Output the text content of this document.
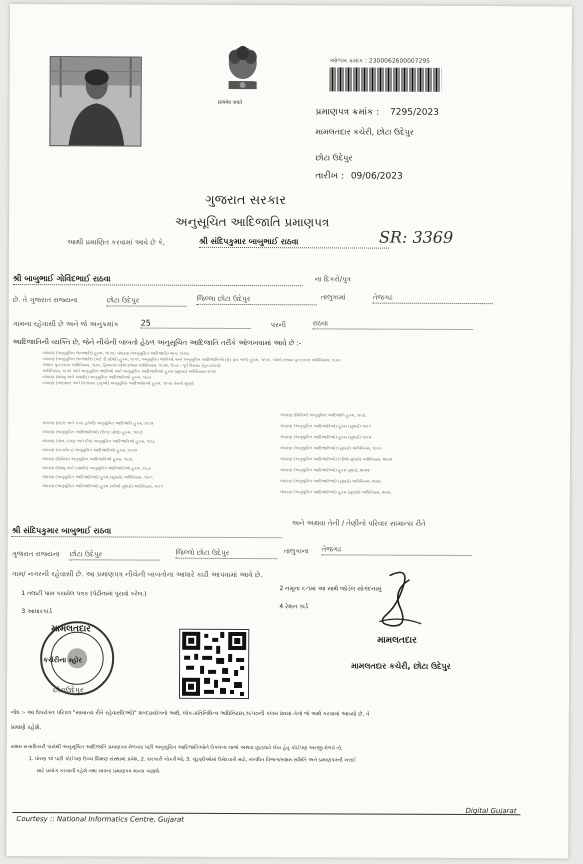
सत्यमेव जयते
ઓળખ ક્રમાંક : 2300062600007295
પ્રમાણપત્ર ક્રમાંક : 7295/2023
મામલતદાર કચેરી, છોટા ઉદેપુર
છોટા ઉદેપુર
તારીખ : 09/06/2023
ગુજરાત સરકાર
અનુસૂચિત આદિજાતિ પ્રમાણપત્ર
SR: 3369
આથી પ્રમાણિત કરવામાં આવે છે કે,	શ્રી સંદિપકુમાર બાબુભાઈ રાઠવા
શ્રી બાબુભાઈ ગોવિંદભાઈ રાઠવા	ના દિકરો/પુત્ર
છે. તે ગુજરાત રાજ્યના	છોટા ઉદેપુર	જિલ્લા છોટા ઉદેપુર	તાલુકામાં	તેજગઢ
ગામના રહેવાસી છે અને જે અનુક્રમાંક	25	પરની	રાઠવા
આદિજાતિની વ્યક્તિ છે, જેને નીચેની બાબતો હેઠળ અનુસૂચિત આદિજાતિ તરીકે ઓળખવામાં આવે છે :-
બંધારણ (અનુસૂચિત જનજાતિ) હુકમ, ૧૯૫૦, બંધારણ (અનુસૂચિત આદિજાતિ) ભાગ, ૧૯૫૦
બંધારણ (અનુસૂચિત જનજાતિ) (પાર્ટ ડી પ્રદેશો) હુકમ, ૧૯૫૧, અનુસૂચિત જાતિઓ અને અનુસૂચિત આદિજાતિઓ (ફેર ફાર અંગે) હુકમ, ૧૯૫૬, બોમ્બે રાજ્ય પુનઃરચના અધિનિયમ, ૧૯૬૦
પંજાબ પુનઃરચના અધિનિયમ, ૧૯૬૬, હિમાચલ પ્રદેશ રાજ્ય અધિનિયમ, ૧૯૭૦, ઉત્તર - પૂર્વ વિસ્તાર (પુનઃરચના)
અધિનિયમ, ૧૯૭૧ અને અનુસૂચિત જાતિઓ અને અનુસૂચિત આદિજાતિઓ હુકમ (સુધારા) અધિનિયમ ૧૯૭૬
બંધારણ (જમ્મુ અને કાશ્મીર) અનુસૂચિત આદિજાતિઓ હુકમ, ૧૯૮૯
બંધારણ (અંદામાન અને નિકોબાર ટાપુઓ) અનુસૂચિત આદિજાતિઓ હુકમ, ૧૯૫૯ તેમનો સુધારો
બંધારણ (દાદરા અને નગર હવેલી) અનુસૂચિત આદિજાતિ હુકમ, ૧૯૬૨
બંધારણ (અનુસૂચિત આદિજાતિઓ) (ઉત્તર પ્રદેશ) હુકમ, ૧૯૬૭
બંધારણ (ગોવા, દમણ અને દીવ) અનુસૂચિત આદિજાતિઓ હુકમ, ૧૯૬૮
બંધારણ (નાગાલેન્ડ) અનુસૂચિત આદિજાતિઓ હુકમ, ૧૯૭૦
બંધારણ (સિક્કિમ) અનુસૂચિત આદિજાતિઓ હુકમ, ૧૯૭૮
બંધારણ (જમ્મુ અને કાશ્મીર) અનુસૂચિત આદિજાતિઓ હુકમ, ૧૯૮૯
બંધારણ (અનુસૂચિત આદિજાતિઓ) હુકમ (સુધારો) અધિનિયમ, ૧૯૯૧
બંધારણ (અનુસૂચિત આદિજાતિઓ) હુકમ (બીજો સુધારો) અધિનિયમ, ૧૯૯૧
બંધારણ (સિક્કિમ) અનુસૂચિત આદિજાતિ હુકમ, ૧૯૭૮
બંધારણ (અનુસૂચિત આદિજાતિઓ) હુકમ (સુધારો) ૧૯૯૧
બંધારણ (અનુસૂચિત આદિજાતિઓ) હુકમ (સુધારો) ૧૯૯૨
બંધારણ (અનુસૂચિત આદિજાતિઓ) (સુધારો) અધિનિયમ, ૧૯૯૫
બંધારણ (અનુસૂચિત આદિજાતિઓ) (બીજો સુધારો) અધિનિયમ, ૨૦૦૨
બંધારણ (અનુસૂચિત આદિજાતિઓ) હુકમ સુધારો, ૨૦૦૨
બંધારણ (અનુસૂચિત આદિજાતિઓ) (સુધારો) અધિનિયમ, ૨૦૦૬
બંધારણ (અનુસૂચિત આદિજાતિઓ) હુકમ (સુધારો) અધિનિયમ, ૨૦૦૮
શ્રી સંદિપકુમાર બાબુભાઈ રાઠવા
અને અથવા તેની / તેણીનો પરિવાર સામાન્ય રીતે
ગુજરાત રાજ્યના છોટા ઉદેપુર	જિલ્લો છોટા ઉદેપુર	તાલુકાના તેજગઢ
ગામ/ નગરની રહેવાસી છે. આ પ્રમાણપત્ર નીચેની બાબતોના આધારે કાઢી આપવામાં આવે છે.
1 તલાટી પાસ કરાયેલ પત્રક (પેઢીનામાં પુરાવો કરેલ.)
3 આધારકાર્ડ
2 નમૂના ૬-૧માં આ સાથે જોડેલ સોગંદનામું
4 રેશન કાર્ડ
મામલતદાર
કચેરીના મ્હોર
છોટાઉદેપુર
મામલતદાર
મામલતદાર કચેરી, છોટા ઉદેપુર
નોંધ :- આ ઉપરોક્ત પરિપત્ર "સામાન્ય રીતે રહેવાસી(ઓ)" શબ્દપ્રયોગનો અર્થ, લોક-પ્રતિનિધિત્વ અધિનિયમ,૧૯૫૦ની કલમ ૨૦માં તેનો જે અર્થ કરવામાં આવ્યો છે, તે
પ્રમાણે રહેશે.
સક્ષમ સત્તાધિકારી પાસેથી અનુસૂચિત આદિજાતિ પ્રમાણપત્ર મેળવ્યા પછી અનુસૂચિત આદિજાતિઓને ઉપલબ્ધ લાભો અથવા છૂટછાટો લેવા હેતુ કોઈપણ અરજી મેળવે તો,
1. ધોરણ ૧૨ પછી કોઈપણ ઉચ્ચ શિક્ષણ સંસ્થામાં પ્રવેશ, 2. સરકારી નોકરીઓ, 3. ચૂંટણીઓમાં ઉમેદવારી માટે, સંબંધિત વિભાગ/સક્ષમ સમિતિ અને પ્રમાણપત્રની ખરાઈ
માટે પ્રયોગ કરવાની રહેશે તથા માત્રના પ્રમાણપત્ર માન્ય ગણાશે.
Courtesy :: National Informatics Centre, Gujarat
Digital Gujarat
